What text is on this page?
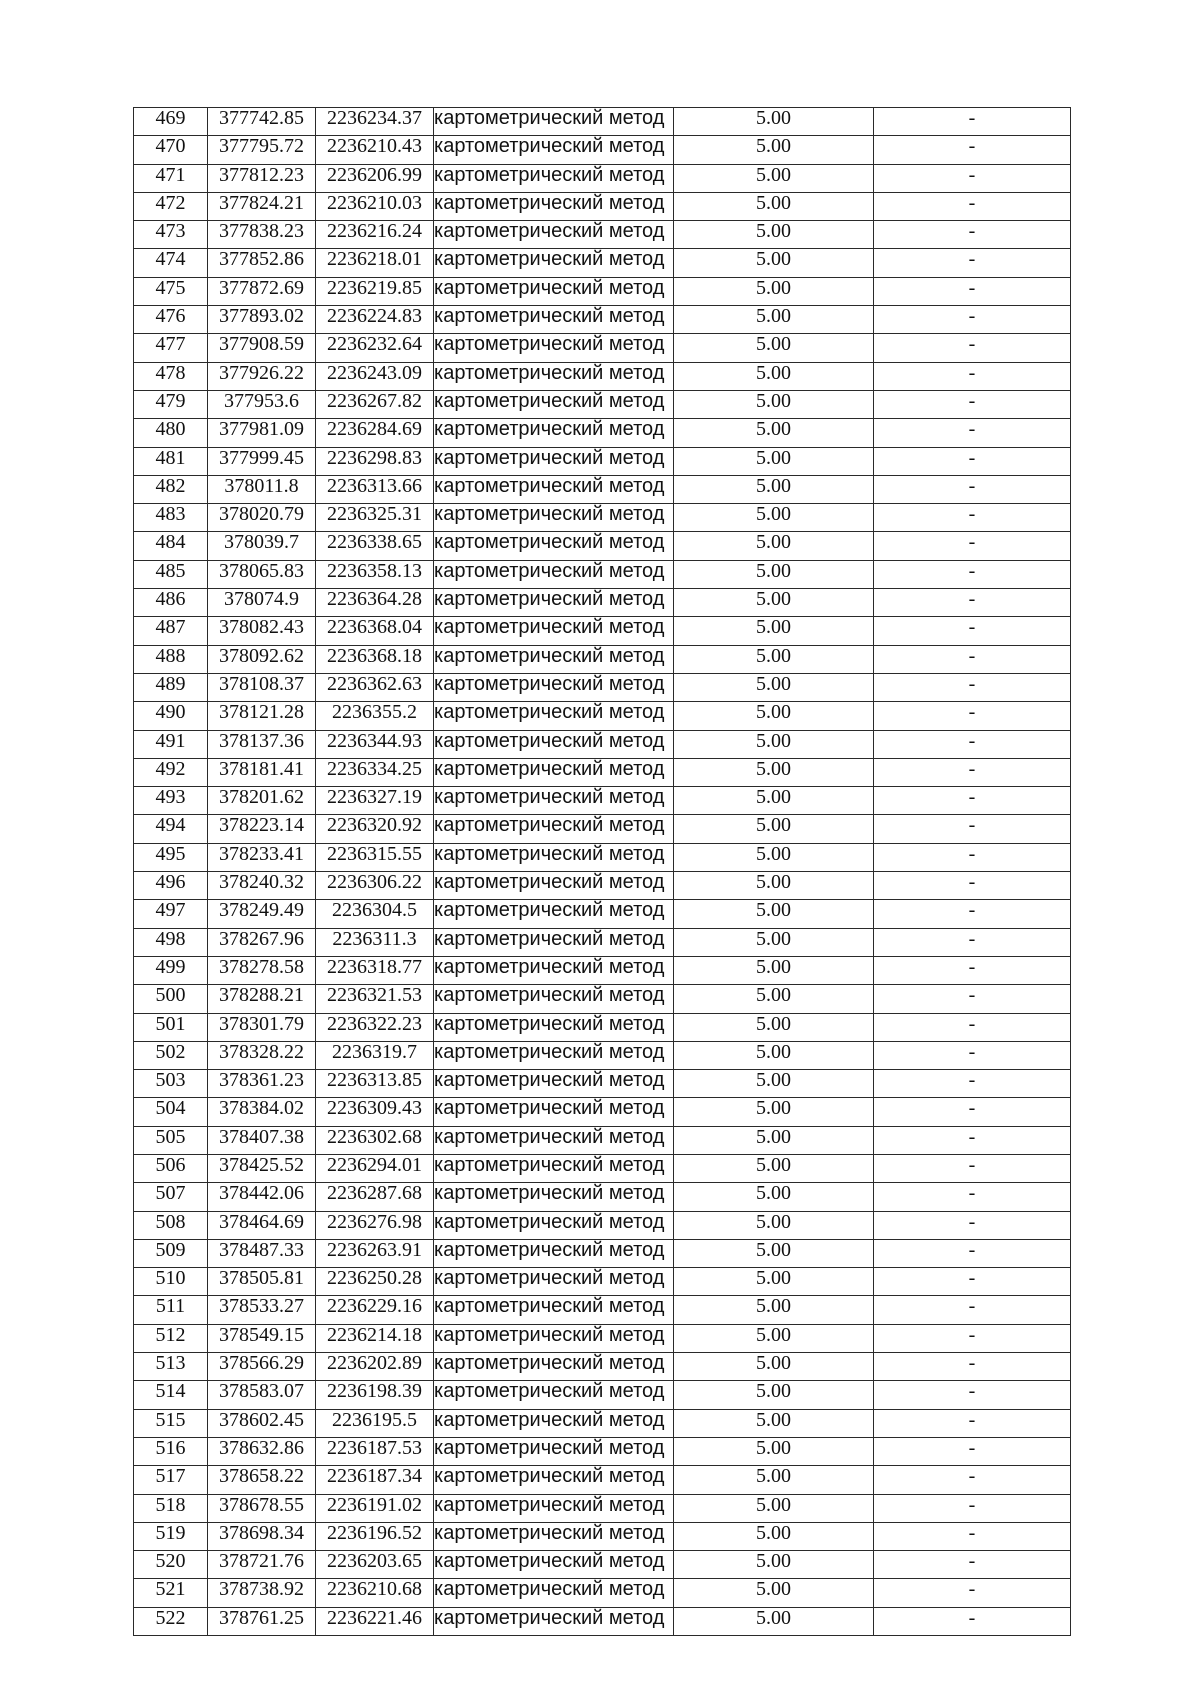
469	377742.85	2236234.37	картометрический метод	5.00	-
470	377795.72	2236210.43	картометрический метод	5.00	-
471	377812.23	2236206.99	картометрический метод	5.00	-
472	377824.21	2236210.03	картометрический метод	5.00	-
473	377838.23	2236216.24	картометрический метод	5.00	-
474	377852.86	2236218.01	картометрический метод	5.00	-
475	377872.69	2236219.85	картометрический метод	5.00	-
476	377893.02	2236224.83	картометрический метод	5.00	-
477	377908.59	2236232.64	картометрический метод	5.00	-
478	377926.22	2236243.09	картометрический метод	5.00	-
479	377953.6	2236267.82	картометрический метод	5.00	-
480	377981.09	2236284.69	картометрический метод	5.00	-
481	377999.45	2236298.83	картометрический метод	5.00	-
482	378011.8	2236313.66	картометрический метод	5.00	-
483	378020.79	2236325.31	картометрический метод	5.00	-
484	378039.7	2236338.65	картометрический метод	5.00	-
485	378065.83	2236358.13	картометрический метод	5.00	-
486	378074.9	2236364.28	картометрический метод	5.00	-
487	378082.43	2236368.04	картометрический метод	5.00	-
488	378092.62	2236368.18	картометрический метод	5.00	-
489	378108.37	2236362.63	картометрический метод	5.00	-
490	378121.28	2236355.2	картометрический метод	5.00	-
491	378137.36	2236344.93	картометрический метод	5.00	-
492	378181.41	2236334.25	картометрический метод	5.00	-
493	378201.62	2236327.19	картометрический метод	5.00	-
494	378223.14	2236320.92	картометрический метод	5.00	-
495	378233.41	2236315.55	картометрический метод	5.00	-
496	378240.32	2236306.22	картометрический метод	5.00	-
497	378249.49	2236304.5	картометрический метод	5.00	-
498	378267.96	2236311.3	картометрический метод	5.00	-
499	378278.58	2236318.77	картометрический метод	5.00	-
500	378288.21	2236321.53	картометрический метод	5.00	-
501	378301.79	2236322.23	картометрический метод	5.00	-
502	378328.22	2236319.7	картометрический метод	5.00	-
503	378361.23	2236313.85	картометрический метод	5.00	-
504	378384.02	2236309.43	картометрический метод	5.00	-
505	378407.38	2236302.68	картометрический метод	5.00	-
506	378425.52	2236294.01	картометрический метод	5.00	-
507	378442.06	2236287.68	картометрический метод	5.00	-
508	378464.69	2236276.98	картометрический метод	5.00	-
509	378487.33	2236263.91	картометрический метод	5.00	-
510	378505.81	2236250.28	картометрический метод	5.00	-
511	378533.27	2236229.16	картометрический метод	5.00	-
512	378549.15	2236214.18	картометрический метод	5.00	-
513	378566.29	2236202.89	картометрический метод	5.00	-
514	378583.07	2236198.39	картометрический метод	5.00	-
515	378602.45	2236195.5	картометрический метод	5.00	-
516	378632.86	2236187.53	картометрический метод	5.00	-
517	378658.22	2236187.34	картометрический метод	5.00	-
518	378678.55	2236191.02	картометрический метод	5.00	-
519	378698.34	2236196.52	картометрический метод	5.00	-
520	378721.76	2236203.65	картометрический метод	5.00	-
521	378738.92	2236210.68	картометрический метод	5.00	-
522	378761.25	2236221.46	картометрический метод	5.00	-
